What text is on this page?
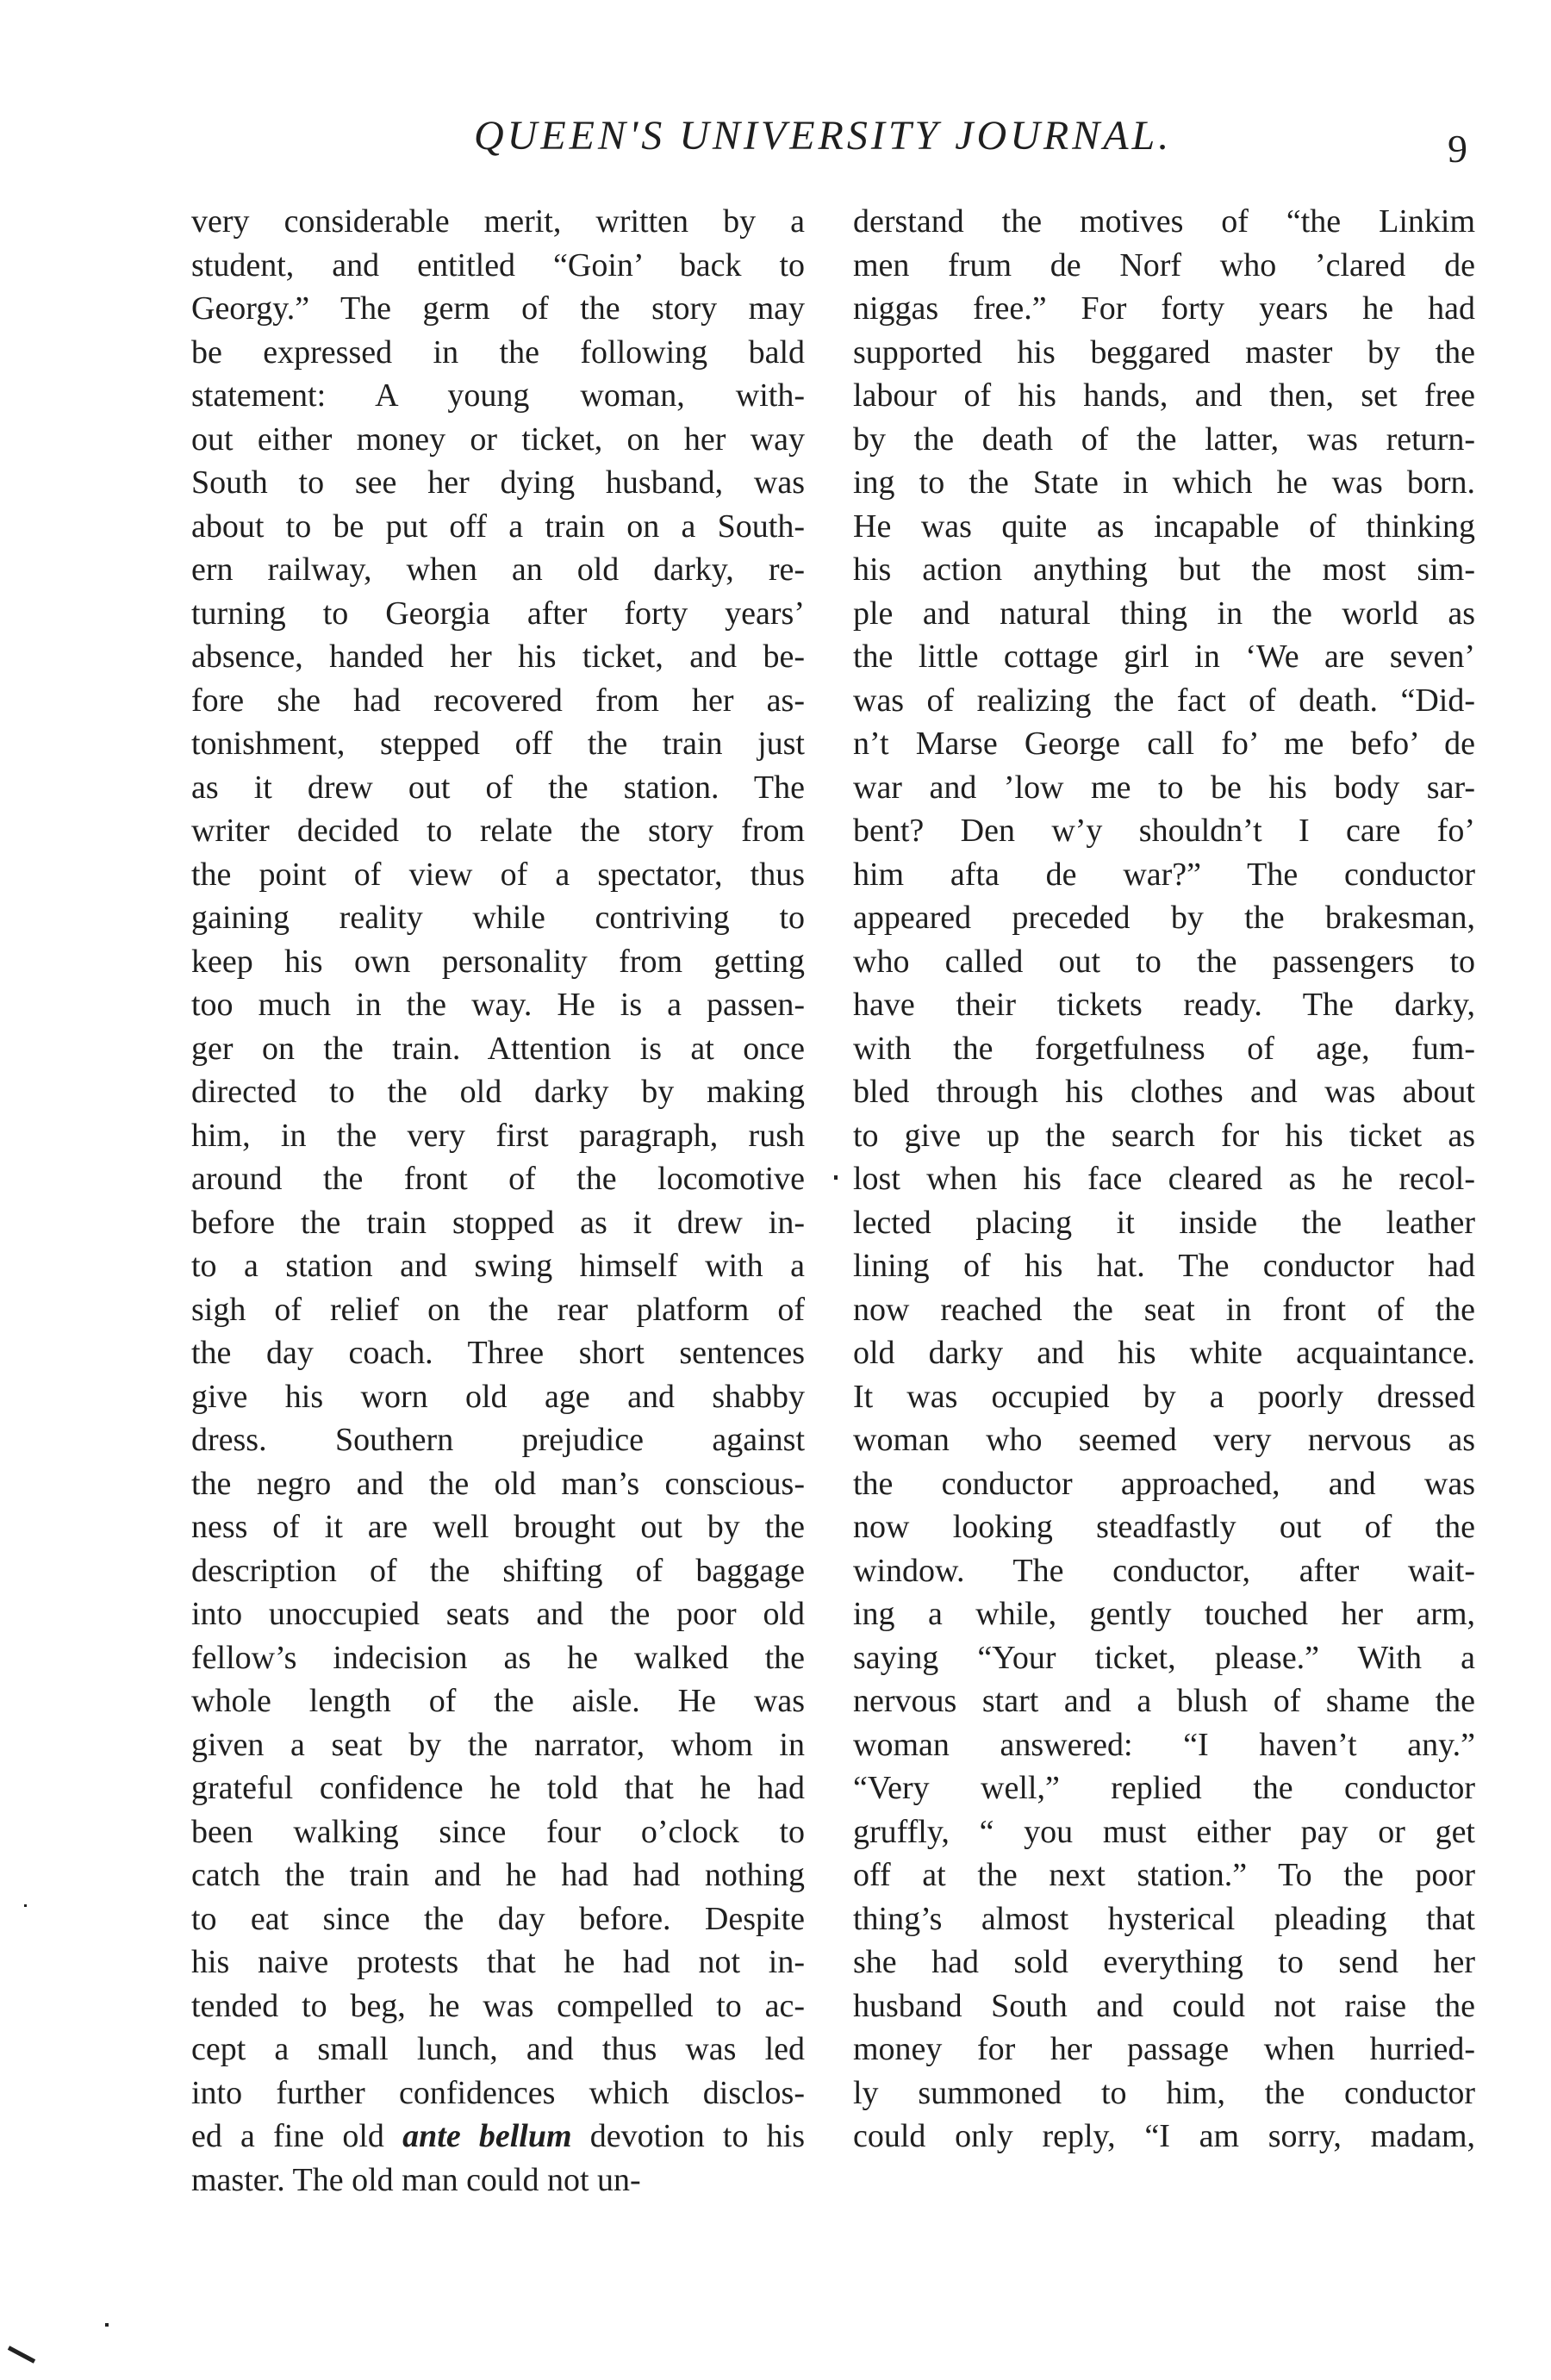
QUEEN'S UNIVERSITY JOURNAL.	9
very considerable merit, written by a
student, and entitled “Goin’ back to
Georgy.” The germ of the story may
be expressed in the following bald
statement: A young woman, with-
out either money or ticket, on her way
South to see her dying husband, was
about to be put off a train on a South-
ern railway, when an old darky, re-
turning to Georgia after forty years’
absence, handed her his ticket, and be-
fore she had recovered from her as-
tonishment, stepped off the train just
as it drew out of the station. The
writer decided to relate the story from
the point of view of a spectator, thus
gaining reality while contriving to
keep his own personality from getting
too much in the way. He is a passen-
ger on the train. Attention is at once
directed to the old darky by making
him, in the very first paragraph, rush
around the front of the locomotive
before the train stopped as it drew in-
to a station and swing himself with a
sigh of relief on the rear platform of
the day coach. Three short sentences
give his worn old age and shabby
dress. Southern prejudice against
the negro and the old man’s conscious-
ness of it are well brought out by the
description of the shifting of baggage
into unoccupied seats and the poor old
fellow’s indecision as he walked the
whole length of the aisle. He was
given a seat by the narrator, whom in
grateful confidence he told that he had
been walking since four o’clock to
catch the train and he had had nothing
to eat since the day before. Despite
his naive protests that he had not in-
tended to beg, he was compelled to ac-
cept a small lunch, and thus was led
into further confidences which disclos-
ed a fine old ante bellum devotion to his
master. The old man could not un-
derstand the motives of “the Linkim
men frum de Norf who ’clared de
niggas free.” For forty years he had
supported his beggared master by the
labour of his hands, and then, set free
by the death of the latter, was return-
ing to the State in which he was born.
He was quite as incapable of thinking
his action anything but the most sim-
ple and natural thing in the world as
the little cottage girl in ‘We are seven’
was of realizing the fact of death. “Did-
n’t Marse George call fo’ me befo’ de
war and ’low me to be his body sar-
bent? Den w’y shouldn’t I care fo’
him afta de war?” The conductor
appeared preceded by the brakesman,
who called out to the passengers to
have their tickets ready. The darky,
with the forgetfulness of age, fum-
bled through his clothes and was about
to give up the search for his ticket as
lost when his face cleared as he recol-
lected placing it inside the leather
lining of his hat. The conductor had
now reached the seat in front of the
old darky and his white acquaintance.
It was occupied by a poorly dressed
woman who seemed very nervous as
the conductor approached, and was
now looking steadfastly out of the
window. The conductor, after wait-
ing a while, gently touched her arm,
saying “Your ticket, please.” With a
nervous start and a blush of shame the
woman answered: “I haven’t any.”
“Very well,” replied the conductor
gruffly, “ you must either pay or get
off at the next station.” To the poor
thing’s almost hysterical pleading that
she had sold everything to send her
husband South and could not raise the
money for her passage when hurried-
ly summoned to him, the conductor
could only reply, “I am sorry, madam,
